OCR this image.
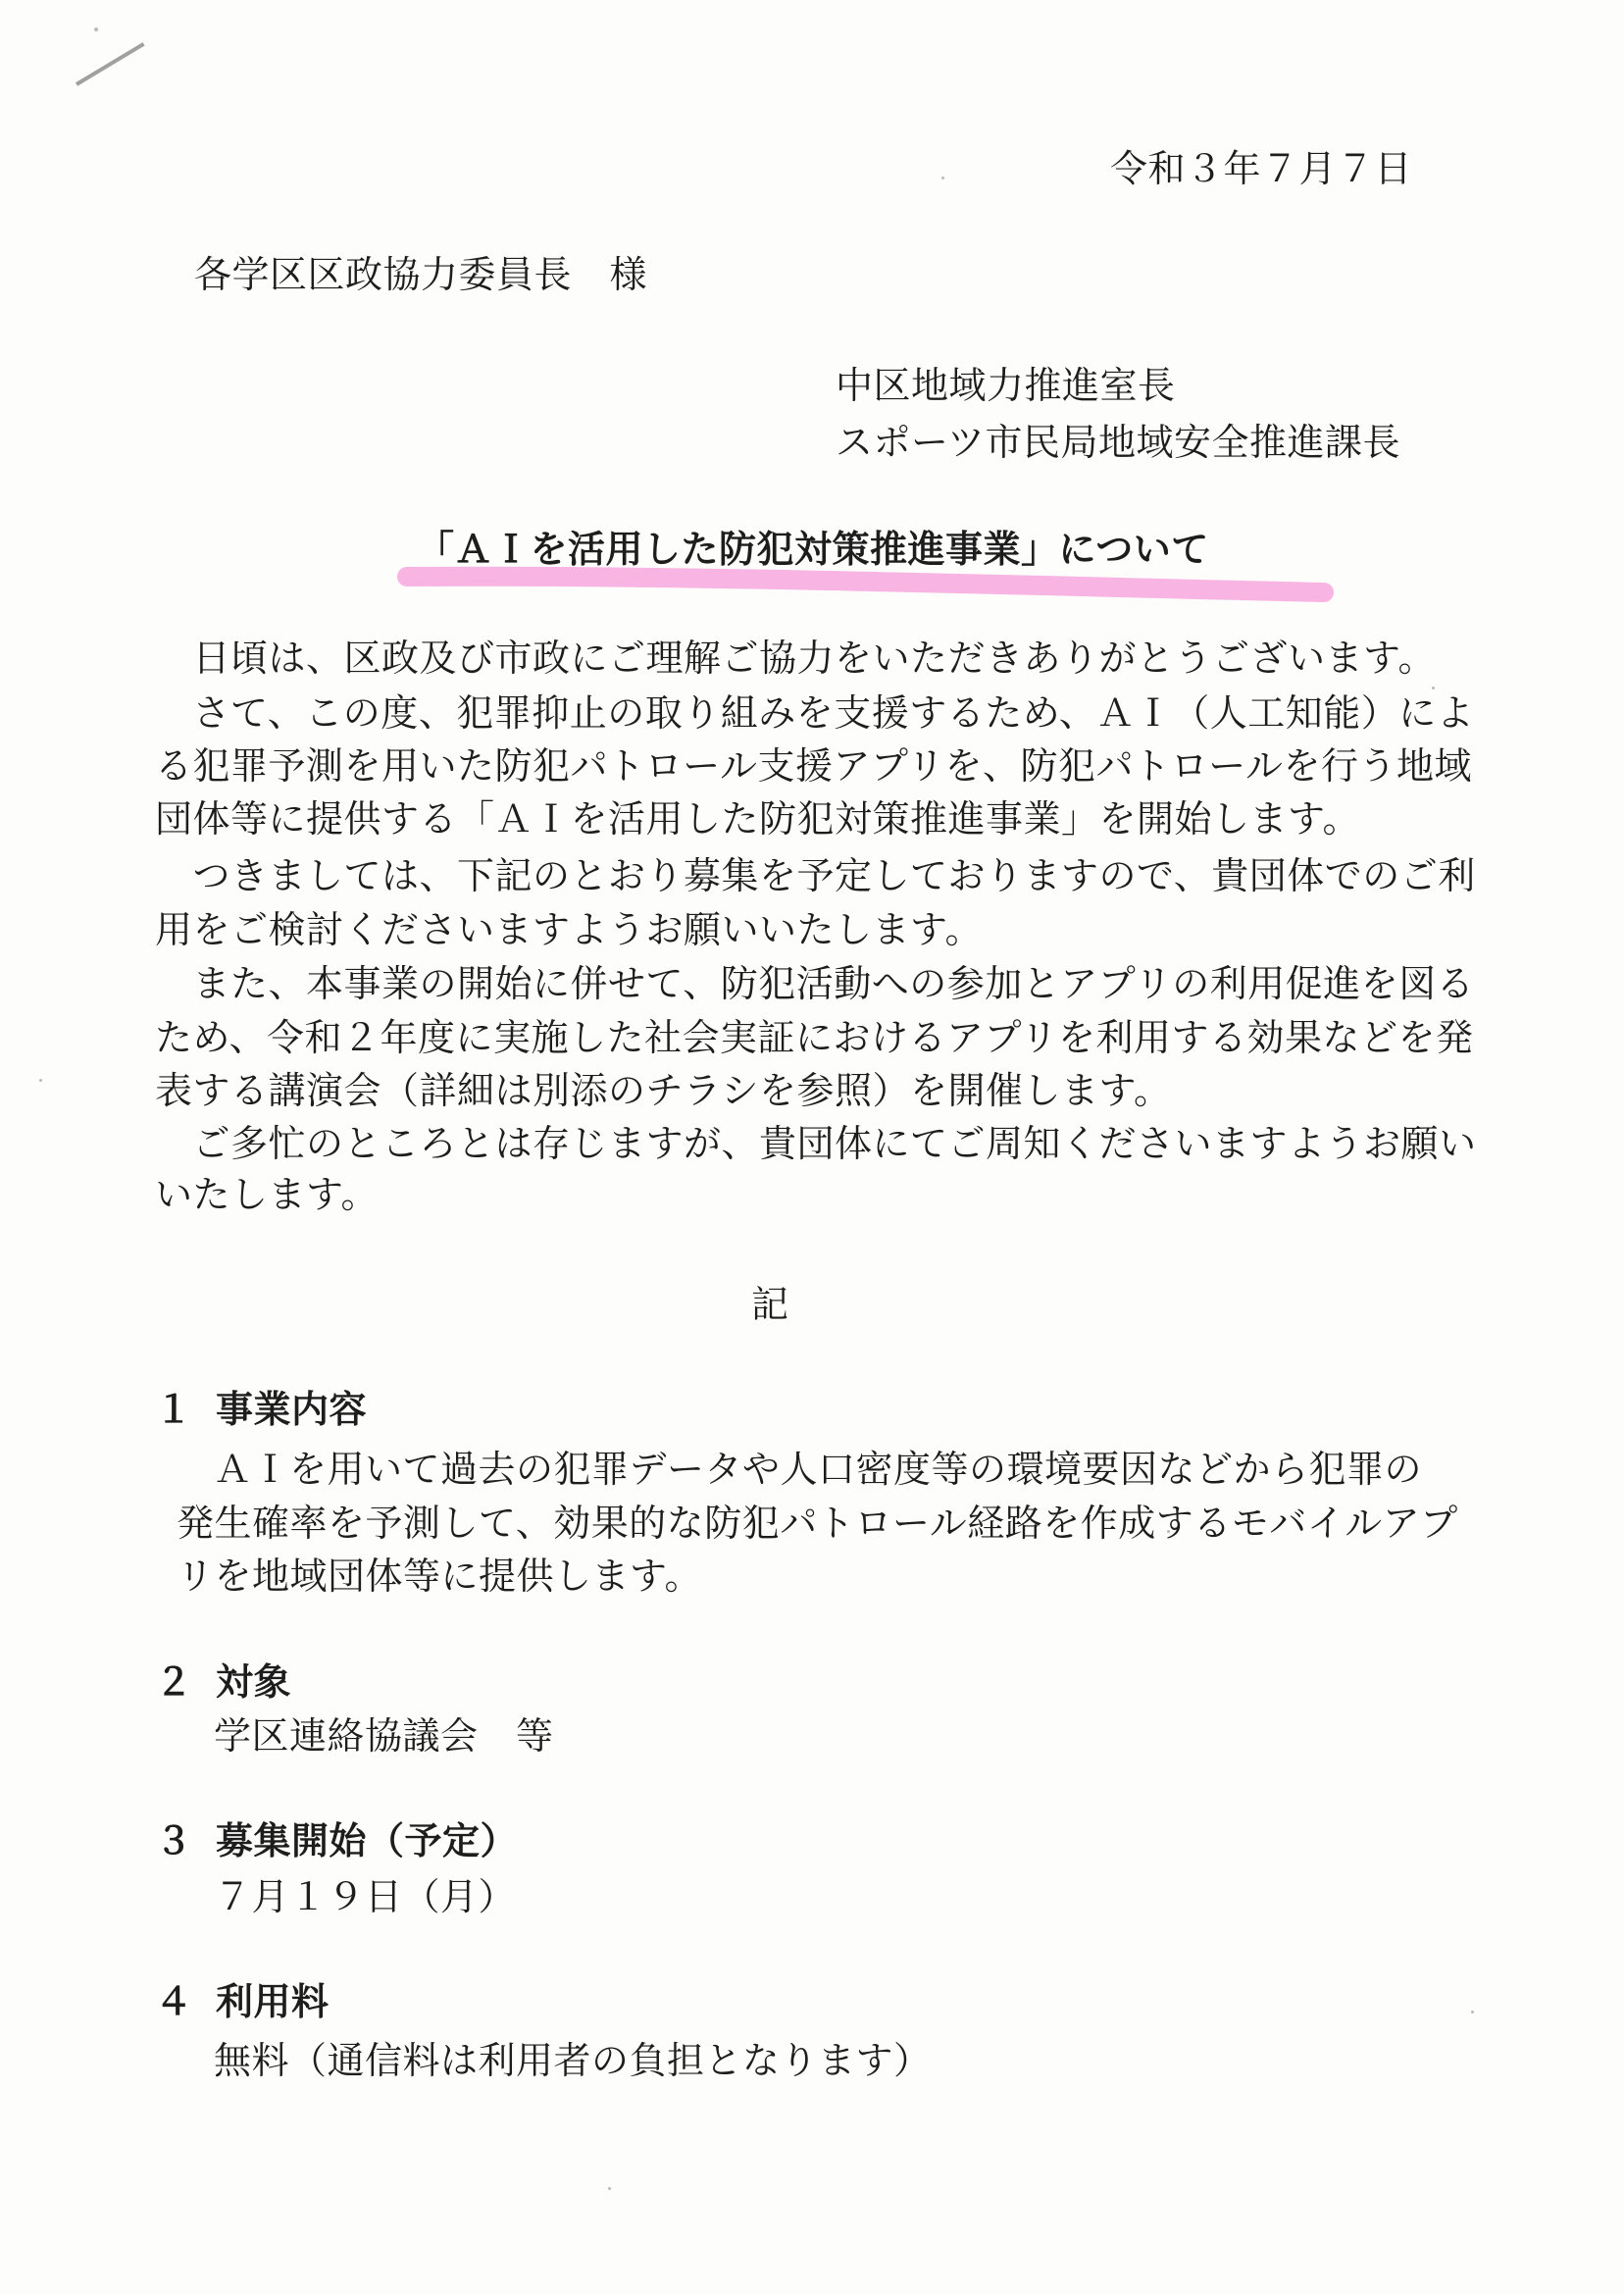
令和３年７月７日
各学区区政協力委員長　様
中区地域力推進室長
スポーツ市民局地域安全推進課長
「ＡＩを活用した防犯対策推進事業」について
　日頃は、区政及び市政にご理解ご協力をいただきありがとうございます。
　さて、この度、犯罪抑止の取り組みを支援するため、ＡＩ（人工知能）によ
る犯罪予測を用いた防犯パトロール支援アプリを、防犯パトロールを行う地域
団体等に提供する「ＡＩを活用した防犯対策推進事業」を開始します。
　つきましては、下記のとおり募集を予定しておりますので、貴団体でのご利
用をご検討くださいますようお願いいたします。
　また、本事業の開始に併せて、防犯活動への参加とアプリの利用促進を図る
ため、令和２年度に実施した社会実証におけるアプリを利用する効果などを発
表する講演会（詳細は別添のチラシを参照）を開催します。
　ご多忙のところとは存じますが、貴団体にてご周知くださいますようお願い
いたします。
記
１ 事業内容
ＡＩを用いて過去の犯罪データや人口密度等の環境要因などから犯罪の
発生確率を予測して、効果的な防犯パトロール経路を作成するモバイルアプ
リを地域団体等に提供します。
２ 対象
学区連絡協議会　等
３ 募集開始（予定）
７月１９日（月）
４ 利用料
無料（通信料は利用者の負担となります）
